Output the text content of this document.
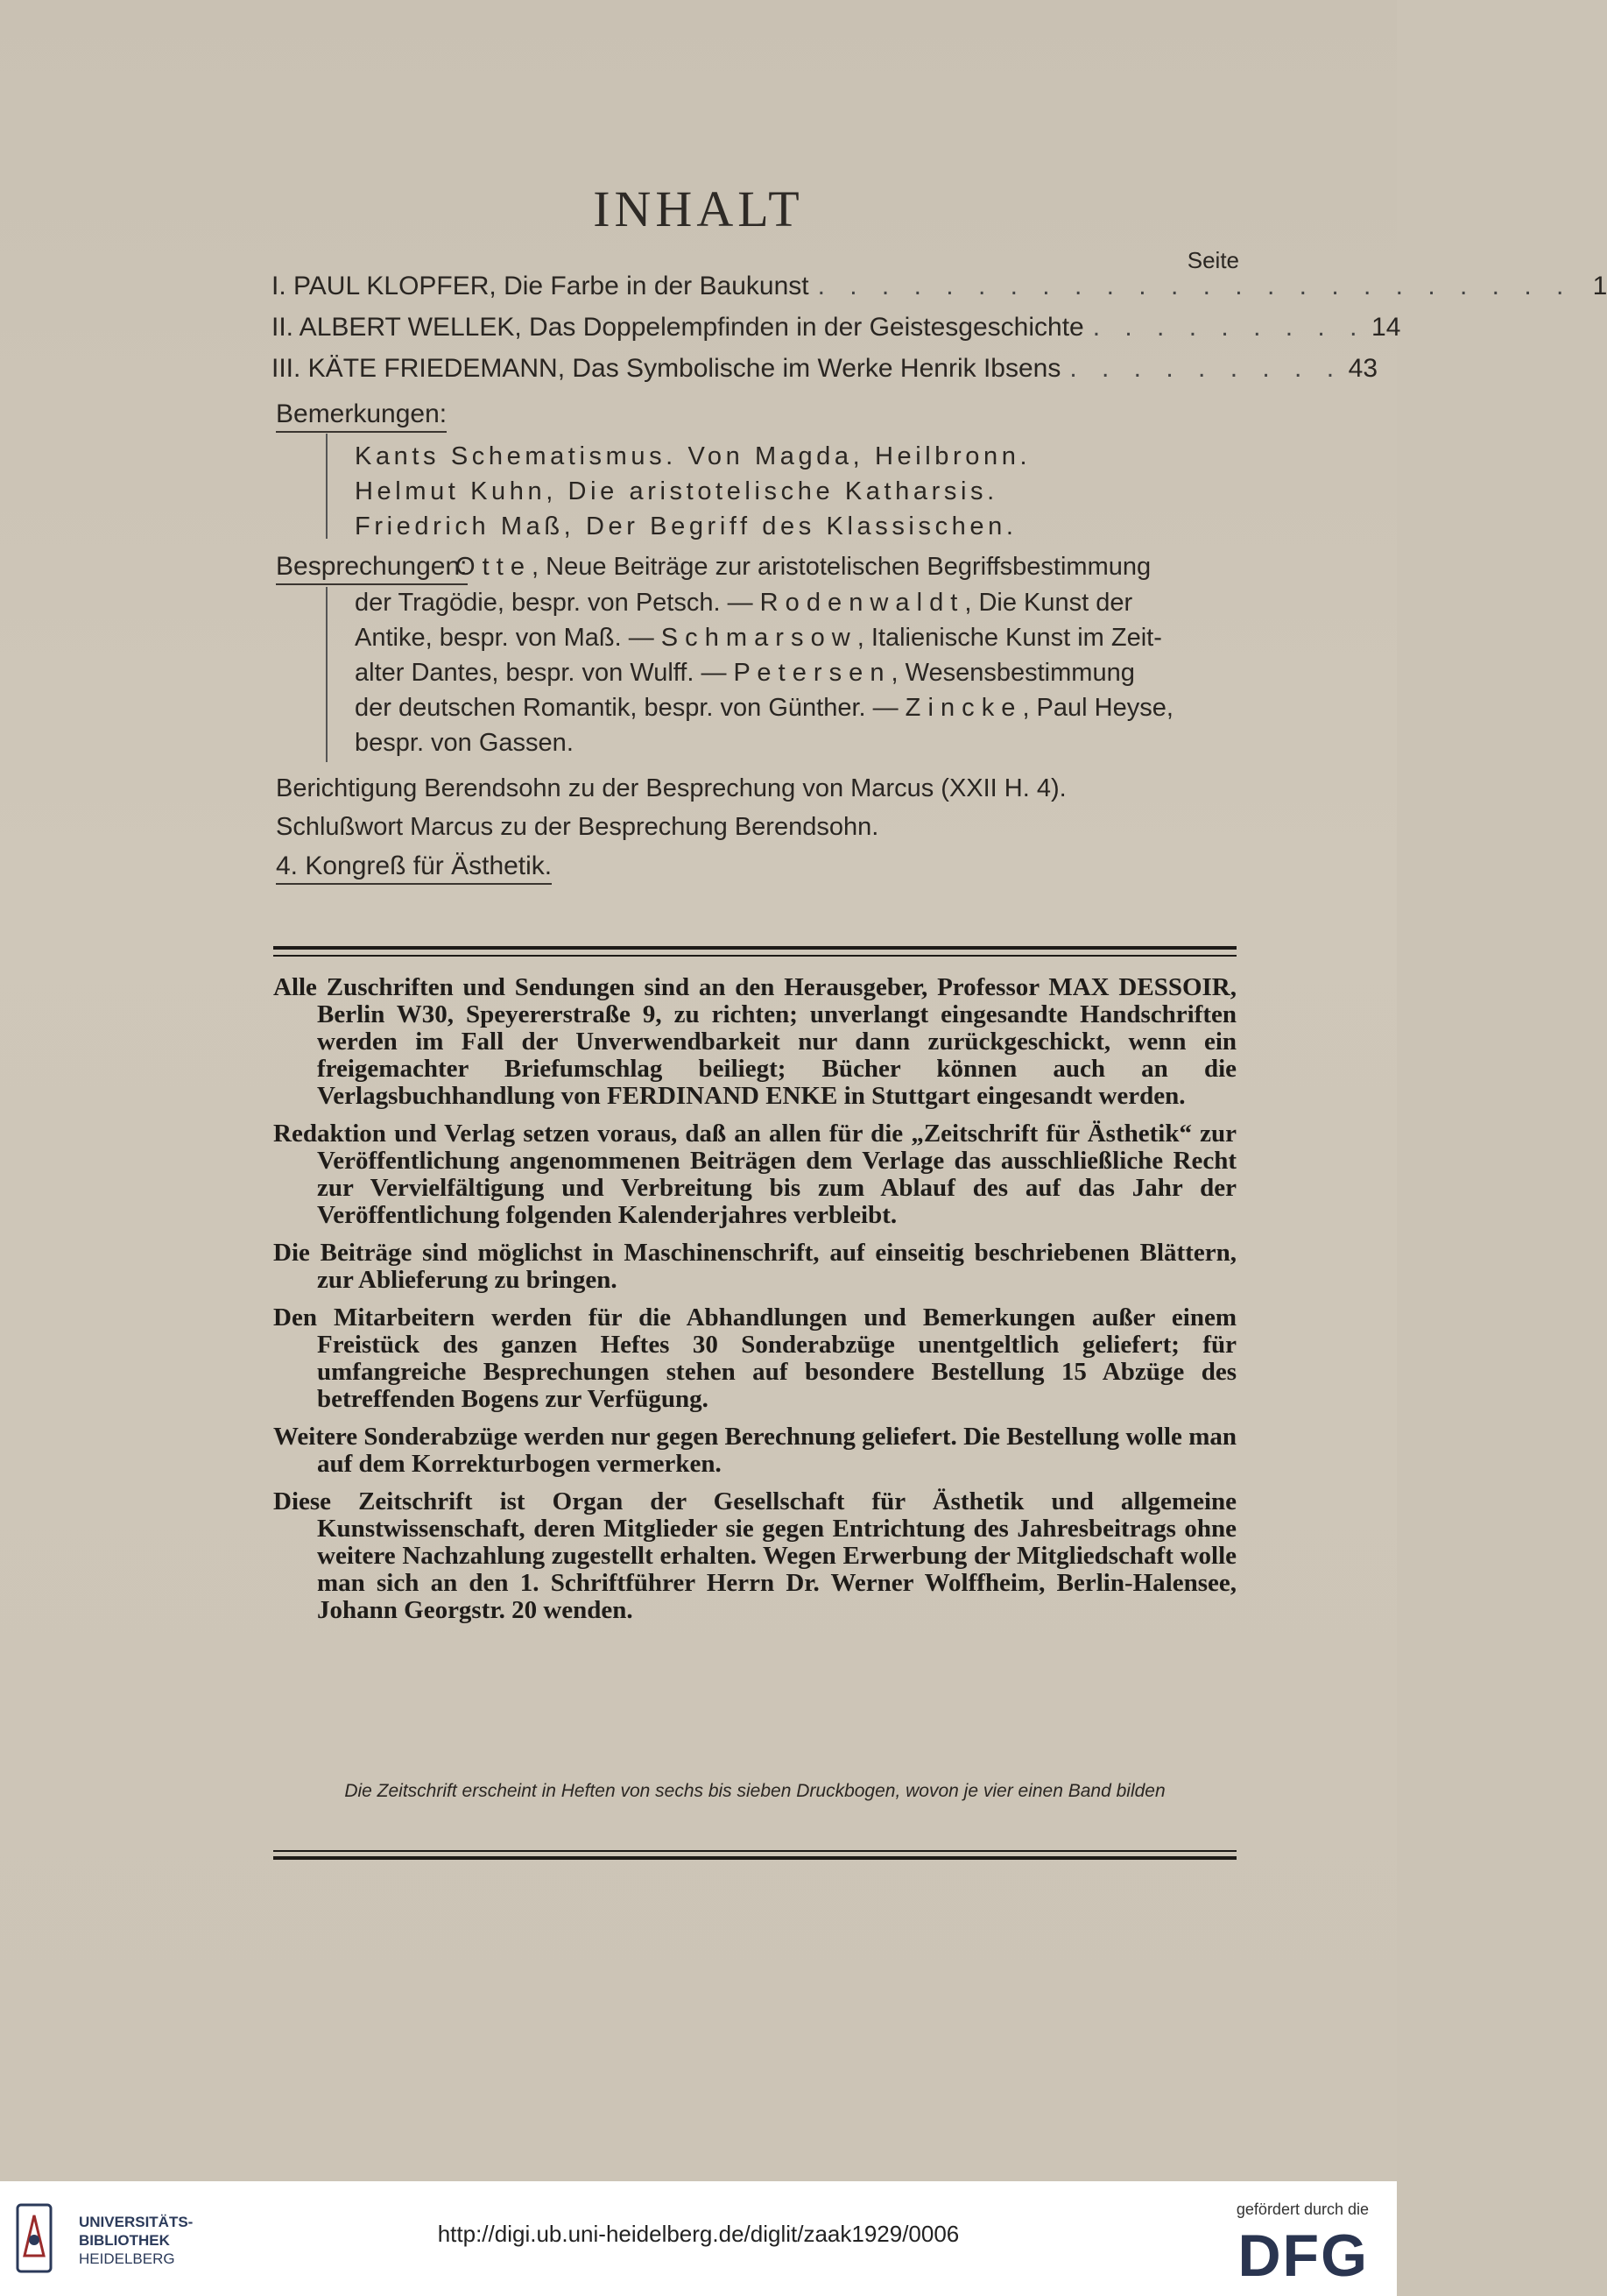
INHALT
Seite
I. PAUL KLOPFER, Die Farbe in der Baukunst . . . . . . . . . . . . . . . . . . . . . . . . 1
II. ALBERT WELLEK, Das Doppelempfinden in der Geistesgeschichte . . . . . . . . . 14
III. KÄTE FRIEDEMANN, Das Symbolische im Werke Henrik Ibsens . . . . . . . . . 43
Bemerkungen:
Kants Schematismus. Von Magda, Heilbronn.
Helmut Kuhn, Die aristotelische Katharsis.
Friedrich Maß, Der Begriff des Klassischen.
Besprechungen:
O t t e , Neue Beiträge zur aristotelischen Begriffsbestimmung
der Tragödie, bespr. von Petsch. — R o d e n w a l d t , Die Kunst der
Antike, bespr. von Maß. — S c h m a r s o w , Italienische Kunst im Zeit-
alter Dantes, bespr. von Wulff. — P e t e r s e n , Wesensbestimmung
der deutschen Romantik, bespr. von Günther. — Z i n c k e , Paul Heyse,
bespr. von Gassen.
Berichtigung Berendsohn zu der Besprechung von Marcus (XXII H. 4).
Schlußwort Marcus zu der Besprechung Berendsohn.
4. Kongreß für Ästhetik.

Alle Zuschriften und Sendungen sind an den Herausgeber, Professor MAX DESSOIR, Berlin W30, Speyererstraße 9, zu richten; unverlangt eingesandte Handschriften werden im Fall der Unverwendbarkeit nur dann zurückgeschickt, wenn ein freigemachter Briefumschlag beiliegt; Bücher können auch an die Verlagsbuchhandlung von FERDINAND ENKE in Stuttgart eingesandt werden.

Redaktion und Verlag setzen voraus, daß an allen für die „Zeitschrift für Ästhetik“ zur Veröffentlichung angenommenen Beiträgen dem Verlage das ausschließliche Recht zur Vervielfältigung und Verbreitung bis zum Ablauf des auf das Jahr der Veröffentlichung folgenden Kalenderjahres verbleibt.

Die Beiträge sind möglichst in Maschinenschrift, auf einseitig beschriebenen Blättern, zur Ablieferung zu bringen.

Den Mitarbeitern werden für die Abhandlungen und Bemerkungen außer einem Freistück des ganzen Heftes 30 Sonderabzüge unentgeltlich geliefert; für umfangreiche Besprechungen stehen auf besondere Bestellung 15 Abzüge des betreffenden Bogens zur Verfügung.

Weitere Sonderabzüge werden nur gegen Berechnung geliefert. Die Bestellung wolle man auf dem Korrekturbogen vermerken.

Diese Zeitschrift ist Organ der Gesellschaft für Ästhetik und allgemeine Kunstwissenschaft, deren Mitglieder sie gegen Entrichtung des Jahresbeitrags ohne weitere Nachzahlung zugestellt erhalten. Wegen Erwerbung der Mitgliedschaft wolle man sich an den 1. Schriftführer Herrn Dr. Werner Wolffheim, Berlin-Halensee, Johann Georgstr. 20 wenden.

Die Zeitschrift erscheint in Heften von sechs bis sieben Druckbogen, wovon je vier einen Band bilden
UNIVERSITÄTS-
BIBLIOTHEK
HEIDELBERG
http://digi.ub.uni-heidelberg.de/diglit/zaak1929/0006
gefördert durch die
DFG
